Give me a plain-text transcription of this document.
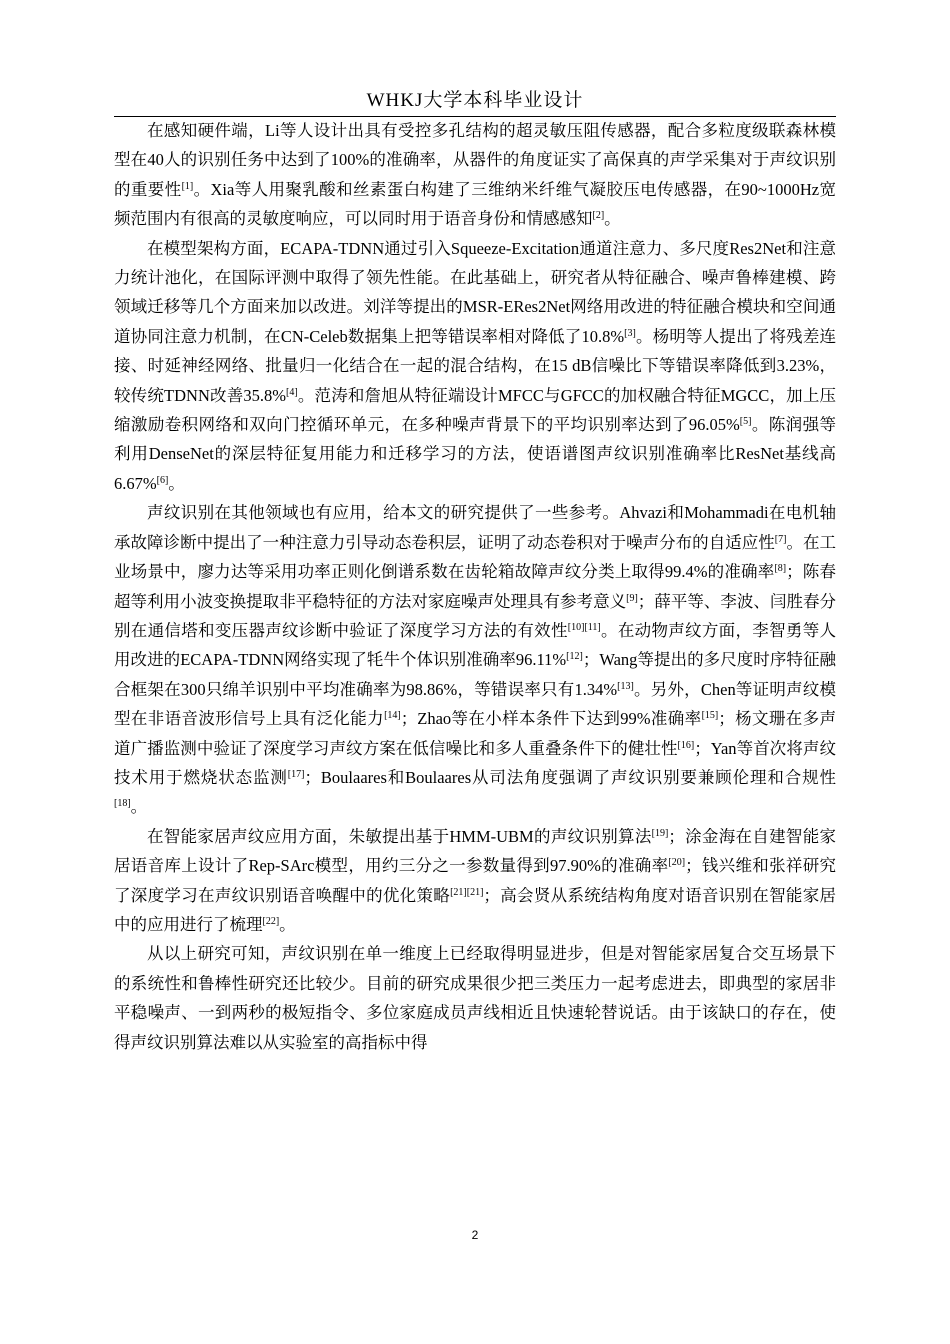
WHKJ大学本科毕业设计

在感知硬件端，Li等人设计出具有受控多孔结构的超灵敏压阻传感器，配合多粒度级联森林模型在40人的识别任务中达到了100%的准确率，从器件的角度证实了高保真的声学采集对于声纹识别的重要性[1]。Xia等人用聚乳酸和丝素蛋白构建了三维纳米纤维气凝胶压电传感器，在90~1000Hz宽频范围内有很高的灵敏度响应，可以同时用于语音身份和情感感知[2]。

在模型架构方面，ECAPA-TDNN通过引入Squeeze-Excitation通道注意力、多尺度Res2Net和注意力统计池化，在国际评测中取得了领先性能。在此基础上，研究者从特征融合、噪声鲁棒建模、跨领域迁移等几个方面来加以改进。刘洋等提出的MSR-ERes2Net网络用改进的特征融合模块和空间通道协同注意力机制，在CN-Celeb数据集上把等错误率相对降低了10.8%[3]。杨明等人提出了将残差连接、时延神经网络、批量归一化结合在一起的混合结构，在15 dB信噪比下等错误率降低到3.23%，较传统TDNN改善35.8%[4]。范涛和詹旭从特征端设计MFCC与GFCC的加权融合特征MGCC，加上压缩激励卷积网络和双向门控循环单元，在多种噪声背景下的平均识别率达到了96.05%[5]。陈润强等利用DenseNet的深层特征复用能力和迁移学习的方法，使语谱图声纹识别准确率比ResNet基线高6.67%[6]。

声纹识别在其他领域也有应用，给本文的研究提供了一些参考。Ahvazi和Mohammadi在电机轴承故障诊断中提出了一种注意力引导动态卷积层，证明了动态卷积对于噪声分布的自适应性[7]。在工业场景中，廖力达等采用功率正则化倒谱系数在齿轮箱故障声纹分类上取得99.4%的准确率[8]；陈春超等利用小波变换提取非平稳特征的方法对家庭噪声处理具有参考意义[9]；薛平等、李波、闫胜春分别在通信塔和变压器声纹诊断中验证了深度学习方法的有效性[10][11]。在动物声纹方面，李智勇等人用改进的ECAPA-TDNN网络实现了牦牛个体识别准确率96.11%[12]；Wang等提出的多尺度时序特征融合框架在300只绵羊识别中平均准确率为98.86%，等错误率只有1.34%[13]。另外，Chen等证明声纹模型在非语音波形信号上具有泛化能力[14]；Zhao等在小样本条件下达到99%准确率[15]；杨文珊在多声道广播监测中验证了深度学习声纹方案在低信噪比和多人重叠条件下的健壮性[16]；Yan等首次将声纹技术用于燃烧状态监测[17]；Boulaares和Boulaares从司法角度强调了声纹识别要兼顾伦理和合规性[18]。

在智能家居声纹应用方面，朱敏提出基于HMM-UBM的声纹识别算法[19]；涂金海在自建智能家居语音库上设计了Rep-SArc模型，用约三分之一参数量得到97.90%的准确率[20]；钱兴维和张祥研究了深度学习在声纹识别语音唤醒中的优化策略[21][21]；高会贤从系统结构角度对语音识别在智能家居中的应用进行了梳理[22]。

从以上研究可知，声纹识别在单一维度上已经取得明显进步，但是对智能家居复合交互场景下的系统性和鲁棒性研究还比较少。目前的研究成果很少把三类压力一起考虑进去，即典型的家居非平稳噪声、一到两秒的极短指令、多位家庭成员声线相近且快速轮替说话。由于该缺口的存在，使得声纹识别算法难以从实验室的高指标中得

2
